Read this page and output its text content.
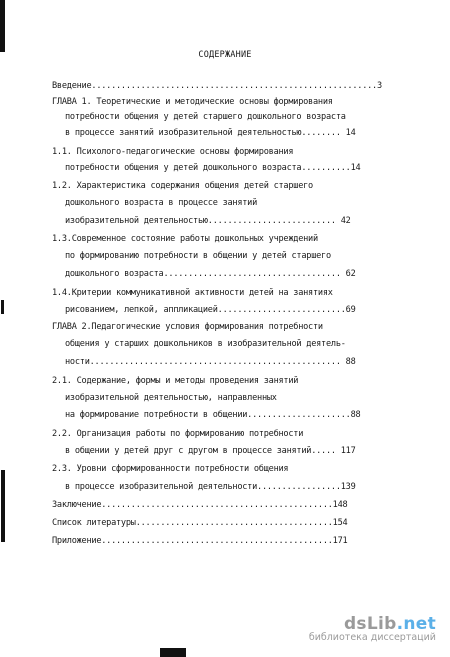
СОДЕРЖАНИЕ
Введение..........................................................3
ГЛАВА 1. Теоретические и методические основы формирования
потребности общения у детей старшего дошкольного возраста
в процессе занятий изобразительной деятельностью........ 14
1.1. Психолого-педагогические основы формирования
потребности общения у детей дошкольного возраста..........14
1.2. Характеристика содержания общения детей старшего
дошкольного возраста в процессе занятий
изобразительной деятельностью.......................... 42
1.3.Современное состояние работы дошкольных учреждений
по формированию потребности в общении у детей старшего
дошкольного возраста.................................... 62
1.4.Критерии коммуникативной активности детей на занятиях
рисованием, лепкой, аппликацией..........................69
ГЛАВА 2.Педагогические условия формирования потребности
общения у старших дошкольников в изобразительной деятель-
ности................................................... 88
2.1. Содержание, формы и методы проведения занятий
изобразительной деятельностью, направленных
на формирование потребности в общении.....................88
2.2. Организация работы по формированию потребности
в общении у детей друг с другом в процессе занятий..... 117
2.3. Уровни сформированности потребности общения
в процессе изобразительной деятельности.................139
Заключение...............................................148
Список литературы........................................154
Приложение...............................................171
dsLib.net
библиотека диссертаций
